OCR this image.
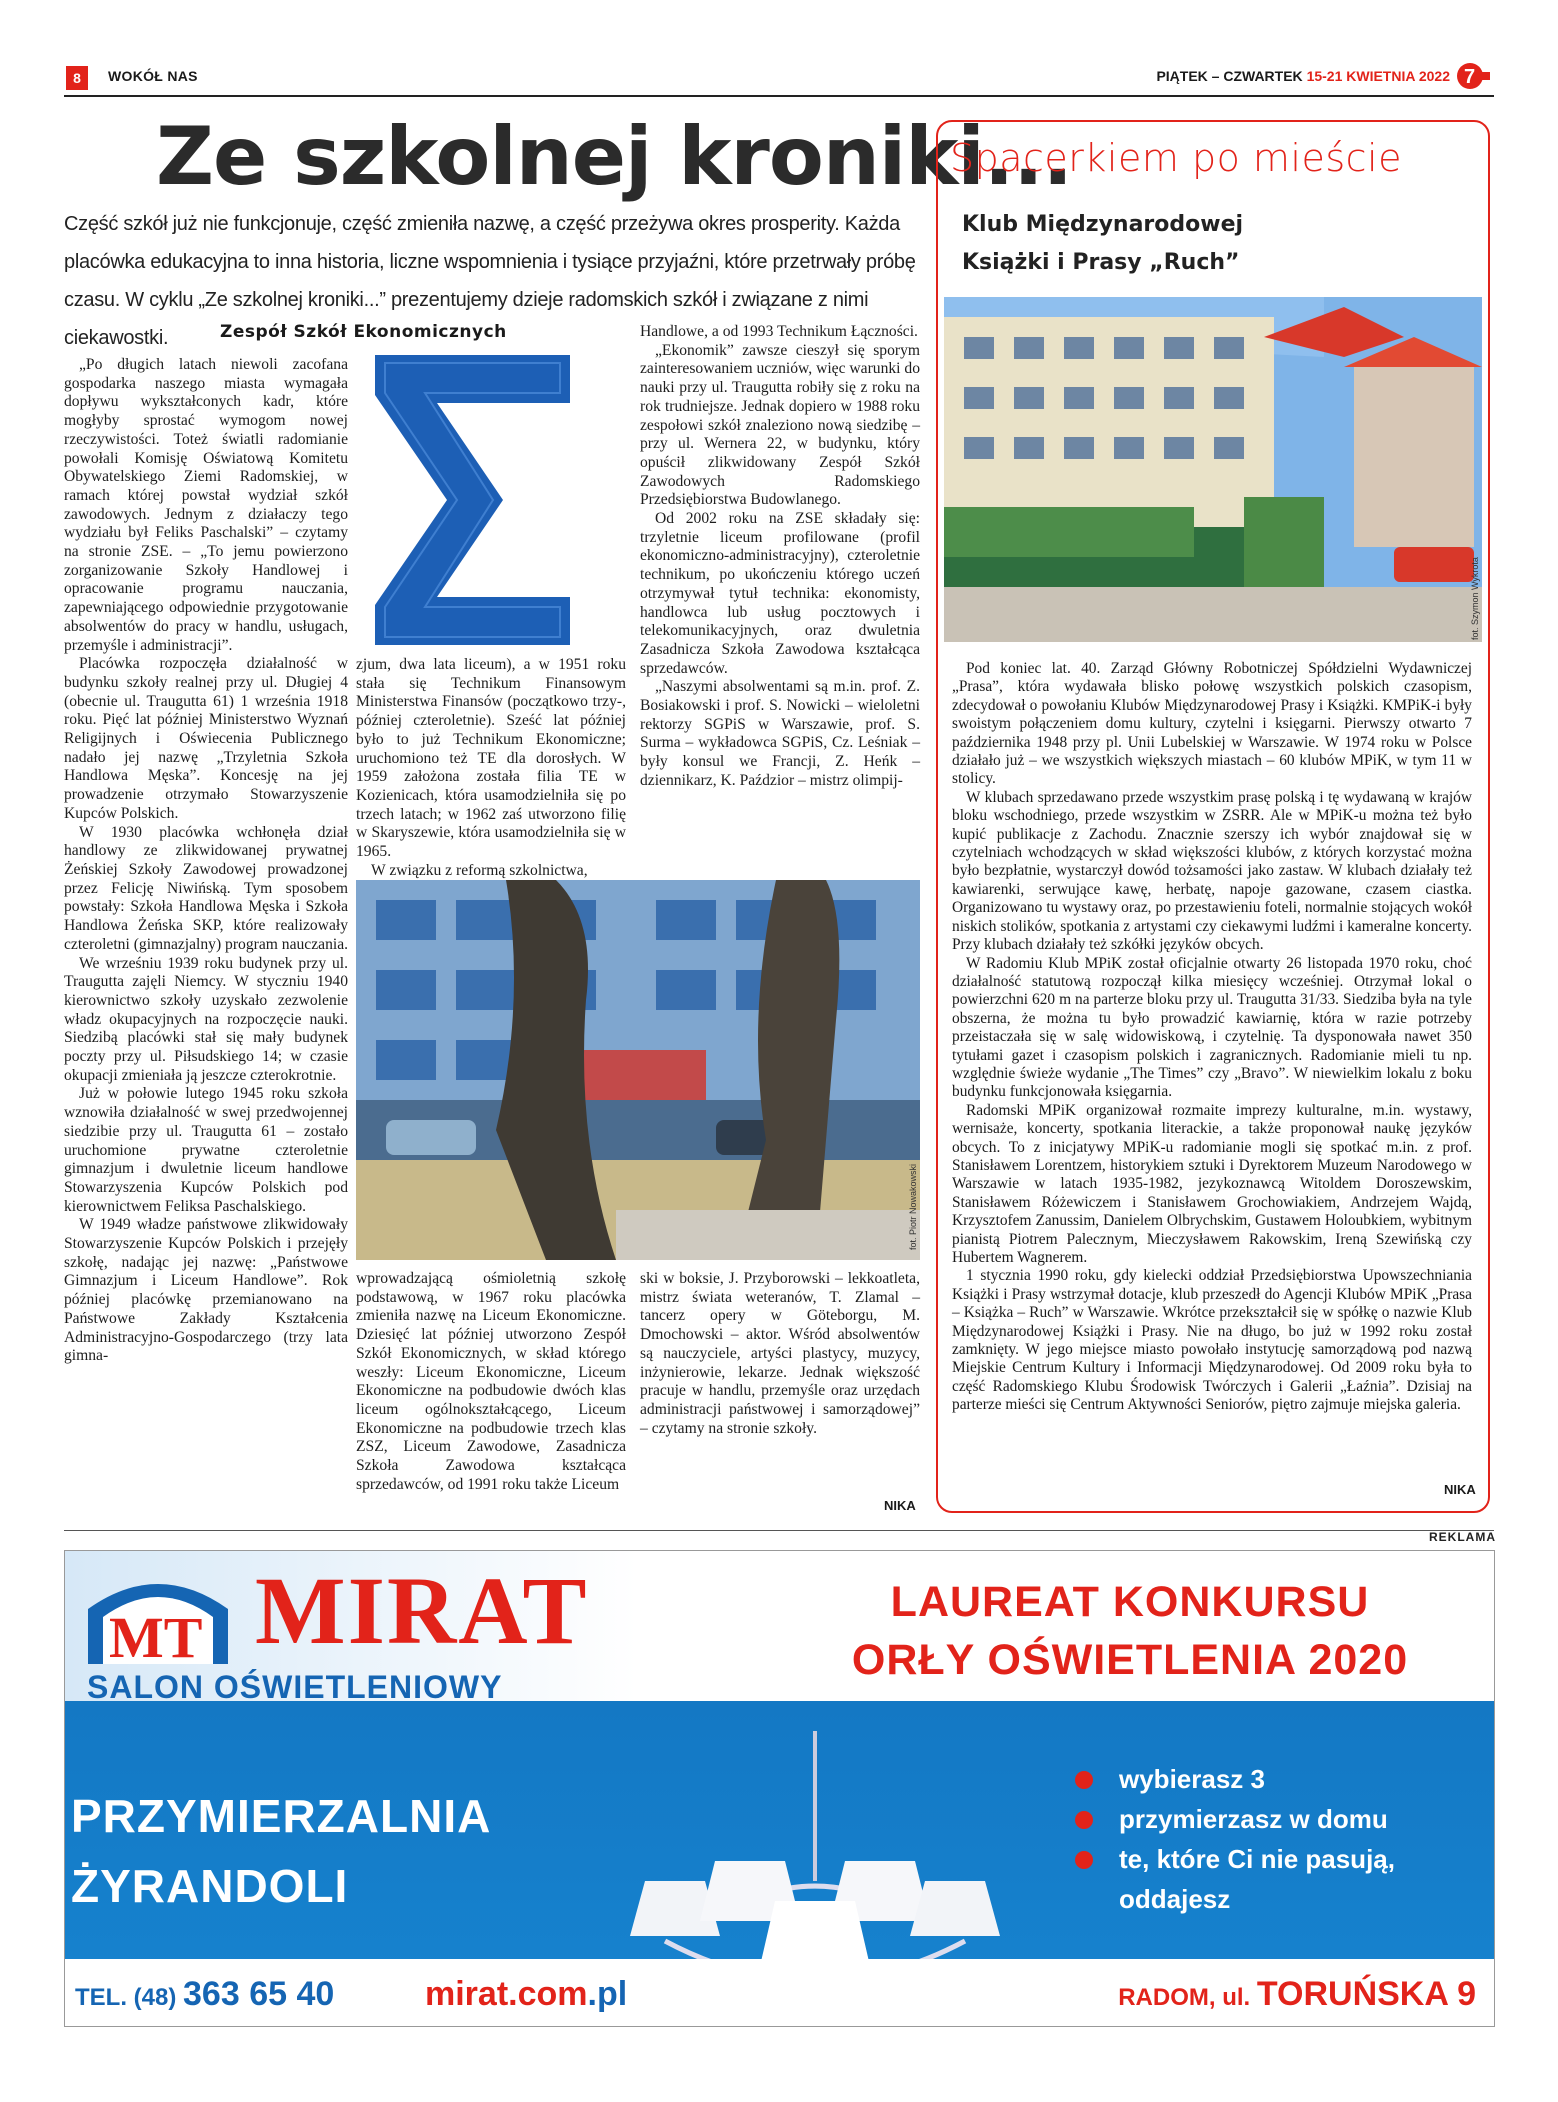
8	WOKÓŁ NAS	PIĄTEK – CZWARTEK 15-21 KWIETNIA 2022 7
Ze szkolnej kroniki...
Część szkół już nie funkcjonuje, część zmieniła nazwę, a część przeżywa okres prosperity. Każda placówka edukacyjna to inna historia, liczne wspomnienia i tysiące przyjaźni, które przetrwały próbę czasu. W cyklu „Ze szkolnej kroniki...” prezentujemy dzieje radomskich szkół i związane z nimi ciekawostki.	Zespół Szkół Ekonomicznych

„Po długich latach niewoli zacofana gospodarka naszego miasta wymagała dopływu wykształconych kadr, które mogłyby sprostać wymogom nowej rzeczywistości. Toteż światli radomianie powołali Komisję Oświatową Komitetu Obywatelskiego Ziemi Radomskiej, w ramach której powstał wydział szkół zawodowych. Jednym z działaczy tego wydziału był Feliks Paschalski” – czytamy na stronie ZSE. – „To jemu powierzono zorganizowanie Szkoły Handlowej i opracowanie programu nauczania, zapewniającego odpowiednie przygotowanie absolwentów do pracy w handlu, usługach, przemyśle i administracji”.

Placówka rozpoczęła działalność w budynku szkoły realnej przy ul. Długiej 4 (obecnie ul. Traugutta 61) 1 września 1918 roku. Pięć lat później Ministerstwo Wyznań Religijnych i Oświecenia Publicznego nadało jej nazwę „Trzyletnia Szkoła Handlowa Męska”. Koncesję na jej prowadzenie otrzymało Stowarzyszenie Kupców Polskich.

W 1930 placówka wchłonęła dział handlowy ze zlikwidowanej prywatnej Żeńskiej Szkoły Zawodowej prowadzonej przez Felicję Niwińską. Tym sposobem powstały: Szkoła Handlowa Męska i Szkoła Handlowa Żeńska SKP, które realizowały czteroletni (gimnazjalny) program nauczania.

We wrześniu 1939 roku budynek przy ul. Traugutta zajęli Niemcy. W styczniu 1940 kierownictwo szkoły uzyskało zezwolenie władz okupacyjnych na rozpoczęcie nauki. Siedzibą placówki stał się mały budynek poczty przy ul. Piłsudskiego 14; w czasie okupacji zmieniała ją jeszcze czterokrotnie.

Już w połowie lutego 1945 roku szkoła wznowiła działalność w swej przedwojennej siedzibie przy ul. Traugutta 61 – zostało uruchomione prywatne czteroletnie gimnazjum i dwuletnie liceum handlowe Stowarzyszenia Kupców Polskich pod kierownictwem Feliksa Paschalskiego.

W 1949 władze państwowe zlikwidowały Stowarzyszenie Kupców Polskich i przejęły szkołę, nadając jej nazwę: „Państwowe Gimnazjum i Liceum Handlowe”. Rok później placówkę przemianowano na Państwowe Zakłady Kształcenia Administracyjno-Gospodarczego (trzy lata gimna-

zjum, dwa lata liceum), a w 1951 roku stała się Technikum Finansowym Ministerstwa Finansów (początkowo trzy-, później czteroletnie). Sześć lat później było to już Technikum Ekonomiczne; uruchomiono też TE dla dorosłych. W 1959 założona została filia TE w Kozienicach, która usamodzielniła się po trzech latach; w 1962 zaś utworzono filię w Skaryszewie, która usamodzielniła się w 1965.

W związku z reformą szkolnictwa,

Handlowe, a od 1993 Technikum Łączności.

„Ekonomik” zawsze cieszył się sporym zainteresowaniem uczniów, więc warunki do nauki przy ul. Traugutta robiły się z roku na rok trudniejsze. Jednak dopiero w 1988 roku zespołowi szkół znaleziono nową siedzibę – przy ul. Wernera 22, w budynku, który opuścił zlikwidowany Zespół Szkół Zawodowych Radomskiego Przedsiębiorstwa Budowlanego.

Od 2002 roku na ZSE składały się: trzyletnie liceum profilowane (profil ekonomiczno-administracyjny), czteroletnie technikum, po ukończeniu którego uczeń otrzymywał tytuł technika: ekonomisty, handlowca lub usług pocztowych i telekomunikacyjnych, oraz dwuletnia Zasadnicza Szkoła Zawodowa kształcąca sprzedawców.

„Naszymi absolwentami są m.in. prof. Z. Bosiakowski i prof. S. Nowicki – wieloletni rektorzy SGPiS w Warszawie, prof. S. Surma – wykładowca SGPiS, Cz. Leśniak – były konsul we Francji, Z. Heńk – dziennikarz, K. Paździor – mistrz olimpij-

fot. Piotr Nowakowski

wprowadzającą ośmioletnią szkołę podstawową, w 1967 roku placówka zmieniła nazwę na Liceum Ekonomiczne. Dziesięć lat później utworzono Zespół Szkół Ekonomicznych, w skład którego weszły: Liceum Ekonomiczne, Liceum Ekonomiczne na podbudowie dwóch klas liceum ogólnokształcącego, Liceum Ekonomiczne na podbudowie trzech klas ZSZ, Liceum Zawodowe, Zasadnicza Szkoła Zawodowa kształcąca sprzedawców, od 1991 roku także Liceum

ski w boksie, J. Przyborowski – lekkoatleta, mistrz świata weteranów, T. Zlamal – tancerz opery w Göteborgu, M. Dmochowski – aktor. Wśród absolwentów są nauczyciele, artyści plastycy, muzycy, inżynierowie, lekarze. Jednak większość pracuje w handlu, przemyśle oraz urzędach administracji państwowej i samorządowej” – czytamy na stronie szkoły.

NIKA
Spacerkiem po mieście
Klub Międzynarodowej
Książki i Prasy „Ruch”
fot. Szymon Wykrota

Pod koniec lat. 40. Zarząd Główny Robotniczej Spółdzielni Wydawniczej „Prasa”, która wydawała blisko połowę wszystkich polskich czasopism, zdecydował o powołaniu Klubów Międzynarodowej Prasy i Książki. KMPiK-i były swoistym połączeniem domu kultury, czytelni i księgarni. Pierwszy otwarto 7 października 1948 przy pl. Unii Lubelskiej w Warszawie. W 1974 roku w Polsce działało już – we wszystkich większych miastach – 60 klubów MPiK, w tym 11 w stolicy.

W klubach sprzedawano przede wszystkim prasę polską i tę wydawaną w krajów bloku wschodniego, przede wszystkim w ZSRR. Ale w MPiK-u można też było kupić publikacje z Zachodu. Znacznie szerszy ich wybór znajdował się w czytelniach wchodzących w skład większości klubów, z których korzystać można było bezpłatnie, wystarczył dowód tożsamości jako zastaw. W klubach działały też kawiarenki, serwujące kawę, herbatę, napoje gazowane, czasem ciastka. Organizowano tu wystawy oraz, po przestawieniu foteli, normalnie stojących wokół niskich stolików, spotkania z artystami czy ciekawymi ludźmi i kameralne koncerty. Przy klubach działały też szkółki języków obcych.

W Radomiu Klub MPiK został oficjalnie otwarty 26 listopada 1970 roku, choć działalność statutową rozpoczął kilka miesięcy wcześniej. Otrzymał lokal o powierzchni 620 m na parterze bloku przy ul. Traugutta 31/33. Siedziba była na tyle obszerna, że można tu było prowadzić kawiarnię, która w razie potrzeby przeistaczała się w salę widowiskową, i czytelnię. Ta dysponowała nawet 350 tytułami gazet i czasopism polskich i zagranicznych. Radomianie mieli tu np. względnie świeże wydanie „The Times” czy „Bravo”. W niewielkim lokalu z boku budynku funkcjonowała księgarnia.

Radomski MPiK organizował rozmaite imprezy kulturalne, m.in. wystawy, wernisaże, koncerty, spotkania literackie, a także proponował naukę języków obcych. To z inicjatywy MPiK-u radomianie mogli się spotkać m.in. z prof. Stanisławem Lorentzem, historykiem sztuki i Dyrektorem Muzeum Narodowego w Warszawie w latach 1935-1982, jezykoznawcą Witoldem Doroszewskim, Stanisławem Różewiczem i Stanisławem Grochowiakiem, Andrzejem Wajdą, Krzysztofem Zanussim, Danielem Olbrychskim, Gustawem Holoubkiem, wybitnym pianistą Piotrem Palecznym, Mieczysławem Rakowskim, Ireną Szewińską czy Hubertem Wagnerem.

1 stycznia 1990 roku, gdy kielecki oddział Przedsiębiorstwa Upowszechniania Książki i Prasy wstrzymał dotacje, klub przeszedł do Agencji Klubów MPiK „Prasa – Książka – Ruch” w Warszawie. Wkrótce przekształcił się w spółkę o nazwie Klub Międzynarodowej Książki i Prasy. Nie na długo, bo już w 1992 roku został zamknięty. W jego miejsce miasto powołało instytucję samorządową pod nazwą Miejskie Centrum Kultury i Informacji Międzynarodowej. Od 2009 roku była to część Radomskiego Klubu Środowisk Twórczych i Galerii „Łaźnia”. Dzisiaj na parterze mieści się Centrum Aktywności Seniorów, piętro zajmuje miejska galeria.

NIKA
REKLAMA
MT MIRAT
SALON OŚWIETLENIOWY
LAUREAT KONKURSU
ORŁY OŚWIETLENIA 2020
PRZYMIERZALNIA
ŻYRANDOLI
wybierasz 3
przymierzasz w domu
te, które Ci nie pasują,
oddajesz
TEL. (48) 363 65 40	mirat.com.pl	RADOM, ul. TORUŃSKA 9
